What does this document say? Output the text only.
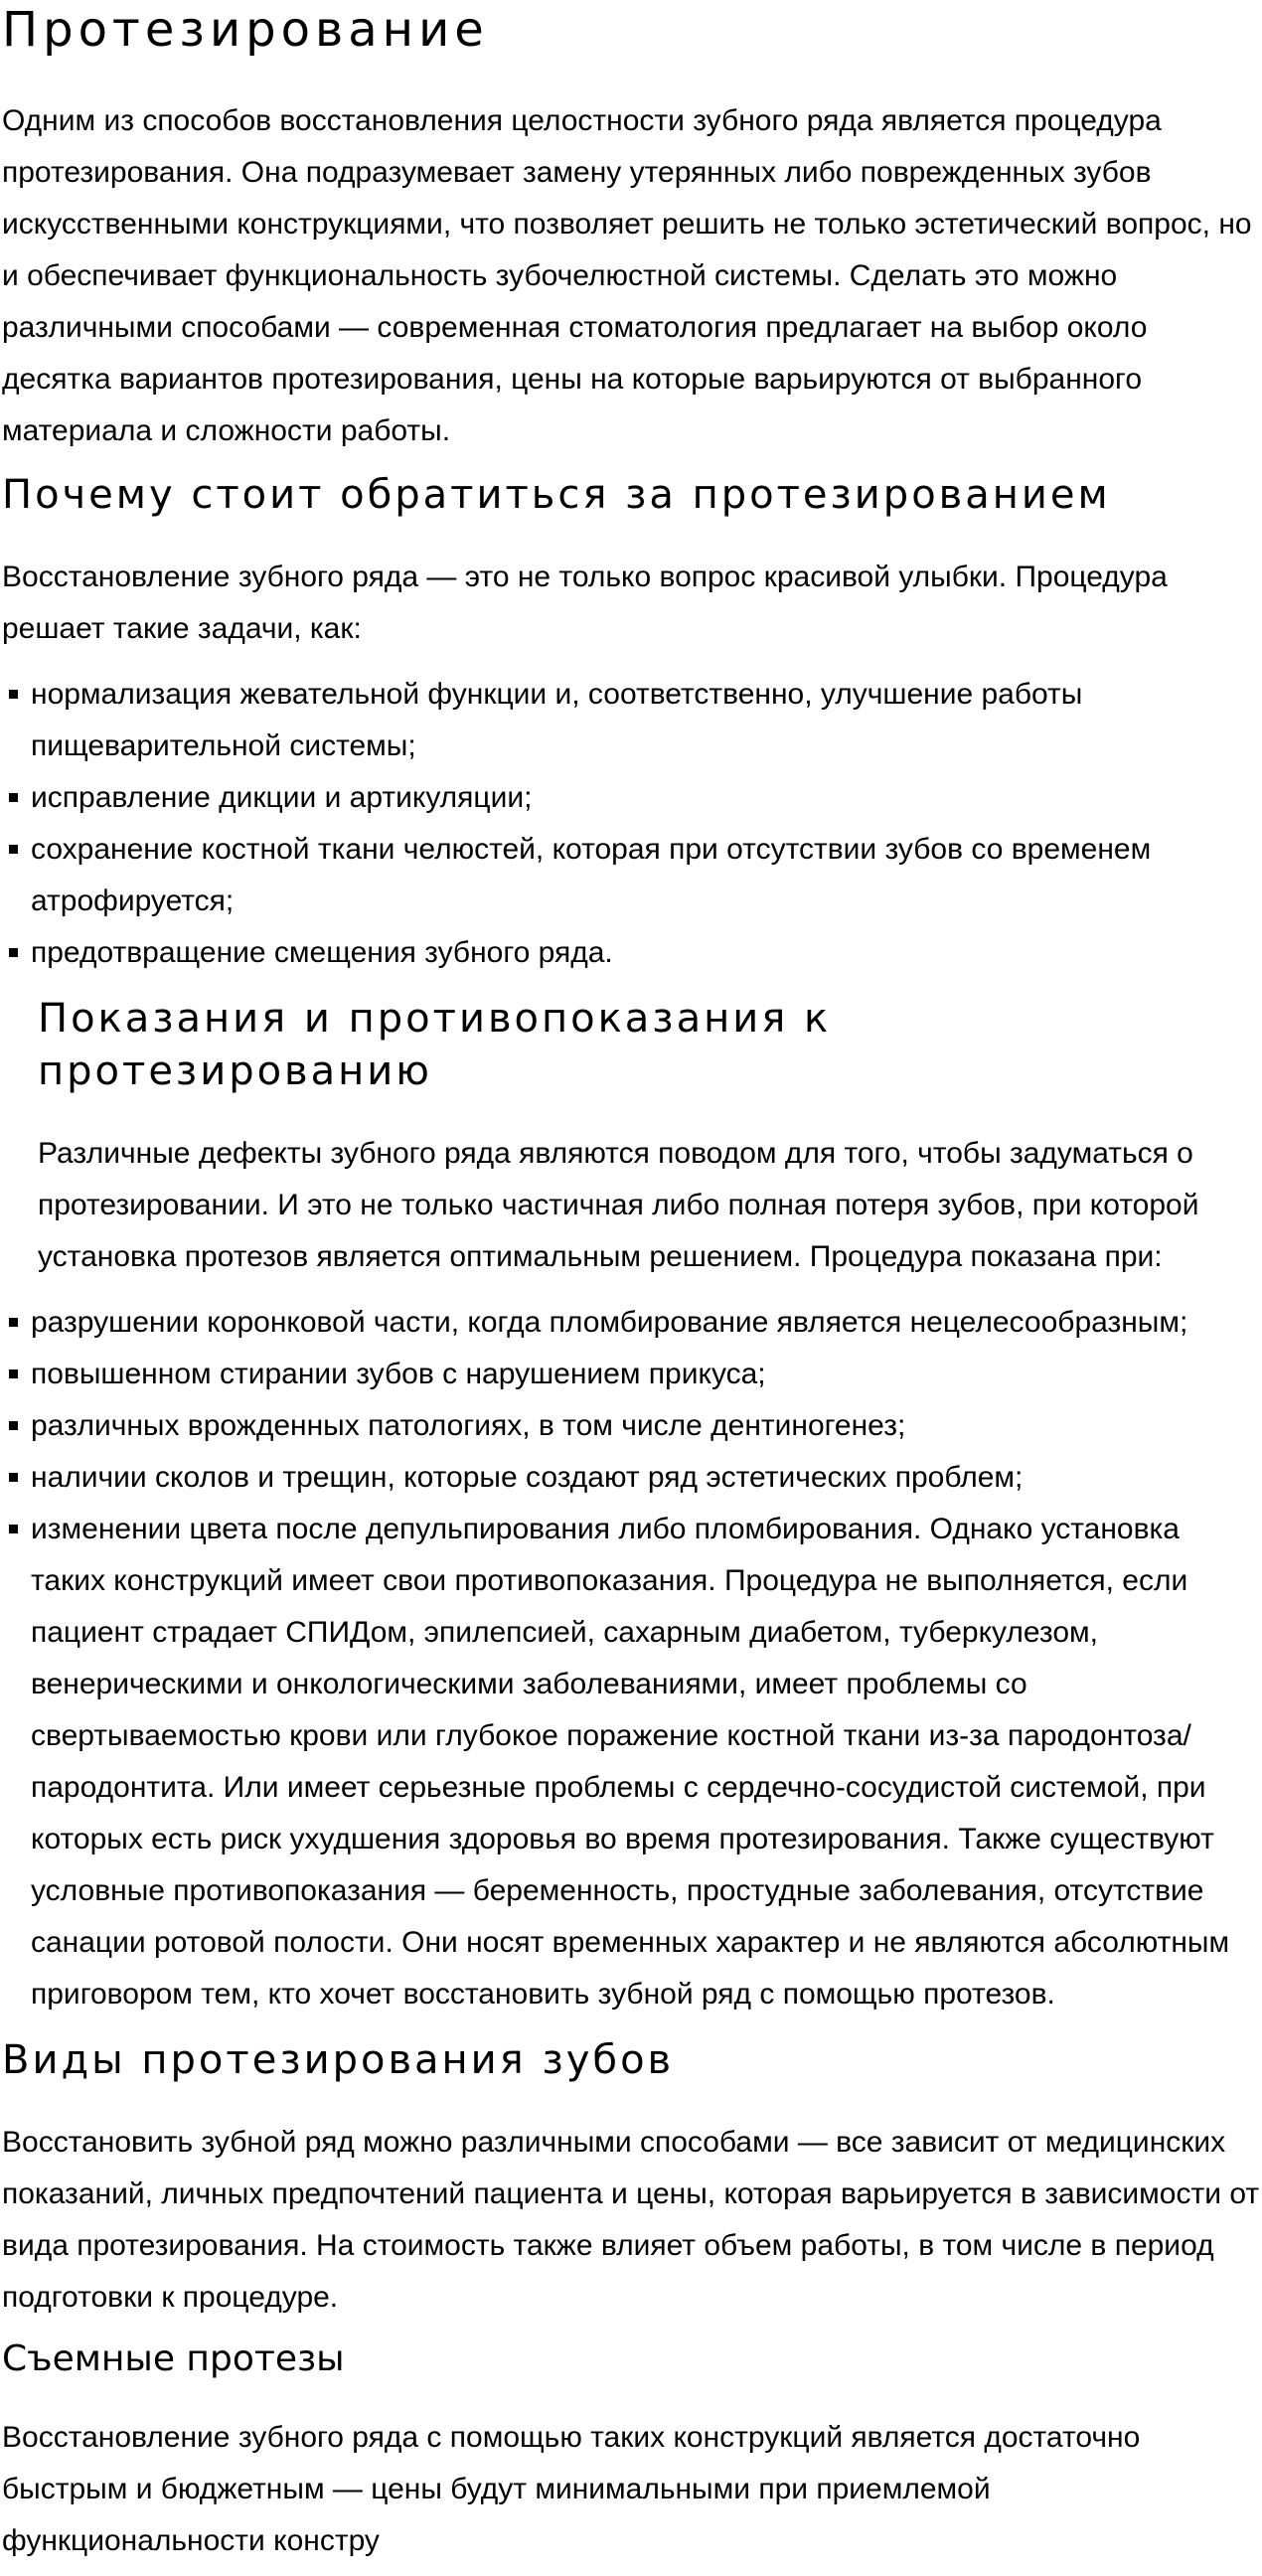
Протезирование

Одним из способов восстановления целостности зубного ряда является процедура протезирования. Она подразумевает замену утерянных либо поврежденных зубов искусственными конструкциями, что позволяет решить не только эстетический вопрос, но и обеспечивает функциональность зубочелюстной системы. Сделать это можно различными способами — современная стоматология предлагает на выбор около десятка вариантов протезирования, цены на которые варьируются от выбранного материала и сложности работы.

Почему стоит обратиться за протезированием

Восстановление зубного ряда — это не только вопрос красивой улыбки. Процедура решает такие задачи, как:

нормализация жевательной функции и, соответственно, улучшение работы пищеварительной системы;
исправление дикции и артикуляции;
сохранение костной ткани челюстей, которая при отсутствии зубов со временем атрофируется;
предотвращение смещения зубного ряда.
Показания и противопоказания к протезированию

Различные дефекты зубного ряда являются поводом для того, чтобы задуматься о протезировании. И это не только частичная либо полная потеря зубов, при которой установка протезов является оптимальным решением. Процедура показана при:

разрушении коронковой части, когда пломбирование является нецелесообразным;
повышенном стирании зубов с нарушением прикуса;
различных врожденных патологиях, в том числе дентиногенез;
наличии сколов и трещин, которые создают ряд эстетических проблем;
изменении цвета после депульпирования либо пломбирования. Однако установка таких конструкций имеет свои противопоказания. Процедура не выполняется, если пациент страдает СПИДом, эпилепсией, сахарным диабетом, туберкулезом, венерическими и онкологическими заболеваниями, имеет проблемы со свертываемостью крови или глубокое поражение костной ткани из-за пародонтоза/пародонтита. Или имеет серьезные проблемы с сердечно-сосудистой системой, при которых есть риск ухудшения здоровья во время протезирования. Также существуют условные противопоказания — беременность, простудные заболевания, отсутствие санации ротовой полости. Они носят временных характер и не являются абсолютным приговором тем, кто хочет восстановить зубной ряд с помощью протезов.
Виды протезирования зубов

Восстановить зубной ряд можно различными способами — все зависит от медицинских показаний, личных предпочтений пациента и цены, которая варьируется в зависимости от вида протезирования. На стоимость также влияет объем работы, в том числе в период подготовки к процедуре.

Съемные протезы

Восстановление зубного ряда с помощью таких конструкций является достаточно быстрым и бюджетным — цены будут минимальными при приемлемой функциональности констру
